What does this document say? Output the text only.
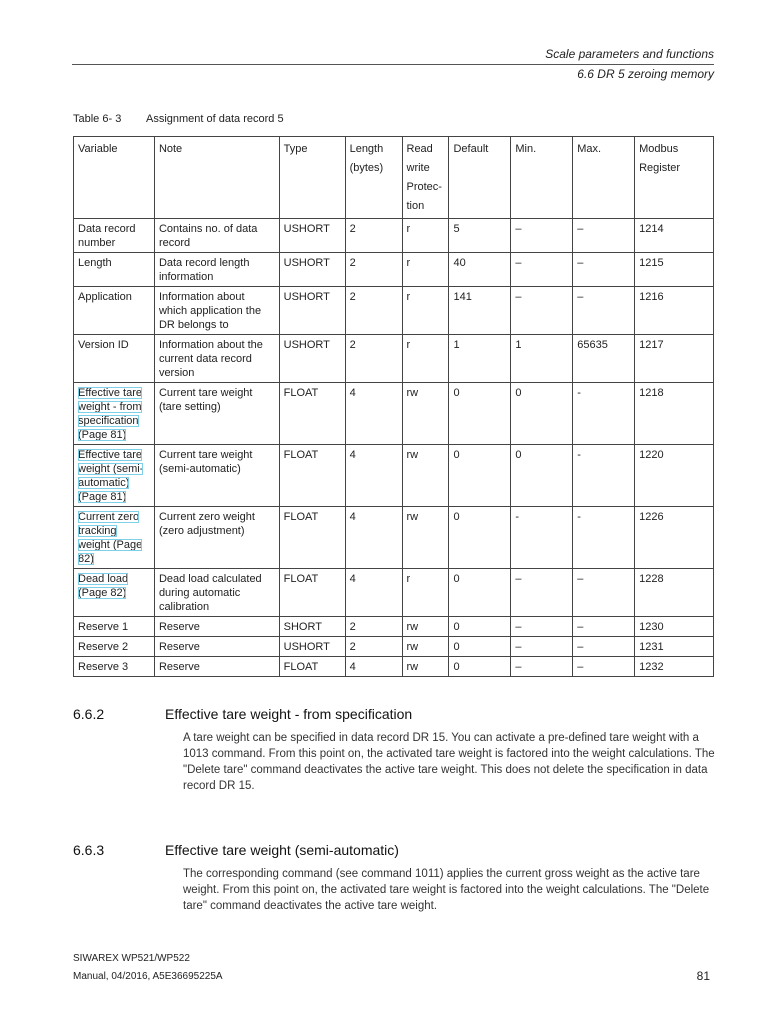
Scale parameters and functions
6.6 DR 5 zeroing memory
Table 6- 3 Assignment of data record 5
Variable	Note	Type	Length (bytes)	Read write Protec-tion	Default	Min.	Max.	Modbus Register
Data record number	Contains no. of data record	USHORT	2	r	5	–	–	1214
Length	Data record length information	USHORT	2	r	40	–	–	1215
Application	Information about which application the DR belongs to	USHORT	2	r	141	–	–	1216
Version ID	Information about the current data record version	USHORT	2	r	1	1	65635	1217
Effective tare weight - from specification (Page 81)	Current tare weight (tare setting)	FLOAT	4	rw	0	0	-	1218
Effective tare weight (semi-automatic) (Page 81)	Current tare weight (semi-automatic)	FLOAT	4	rw	0	0	-	1220
Current zero tracking weight (Page 82)	Current zero weight (zero adjustment)	FLOAT	4	rw	0	-	-	1226
Dead load (Page 82)	Dead load calculated during automatic calibration	FLOAT	4	r	0	–	–	1228
Reserve 1	Reserve	SHORT	2	rw	0	–	–	1230
Reserve 2	Reserve	USHORT	2	rw	0	–	–	1231
Reserve 3	Reserve	FLOAT	4	rw	0	–	–	1232
6.6.2	Effective tare weight - from specification

A tare weight can be specified in data record DR 15. You can activate a pre-defined tare weight with a 1013 command. From this point on, the activated tare weight is factored into the weight calculations. The "Delete tare" command deactivates the active tare weight. This does not delete the specification in data record DR 15.

6.6.3	Effective tare weight (semi-automatic)

The corresponding command (see command 1011) applies the current gross weight as the active tare weight. From this point on, the activated tare weight is factored into the weight calculations. The "Delete tare" command deactivates the active tare weight.

SIWAREX WP521/WP522
Manual, 04/2016, A5E36695225A	81
